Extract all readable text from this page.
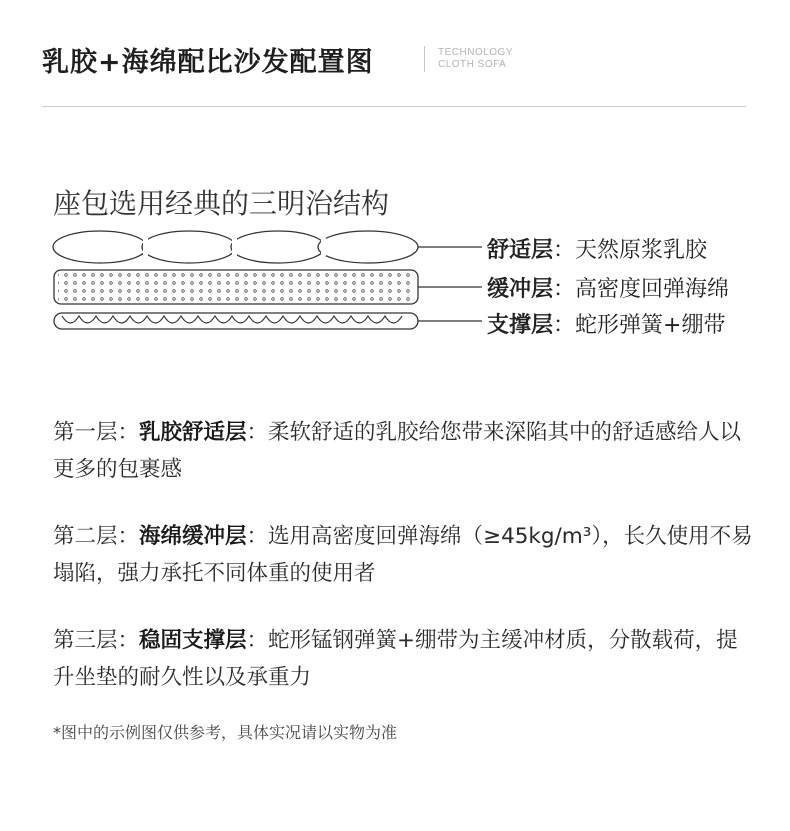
乳胶+海绵配比沙发配置图	TECHNOLOGY
CLOTH SOFA
座包选用经典的三明治结构
舒适层：天然原浆乳胶
缓冲层：高密度回弹海绵
支撑层：蛇形弹簧+绷带
第一层：乳胶舒适层：柔软舒适的乳胶给您带来深陷其中的舒适感给人以更多的包裹感
第二层：海绵缓冲层：选用高密度回弹海绵（≥45kg/m³），长久使用不易塌陷，强力承托不同体重的使用者
第三层：稳固支撑层：蛇形锰钢弹簧+绷带为主缓冲材质，分散载荷，提升坐垫的耐久性以及承重力
*图中的示例图仅供参考，具体实况请以实物为准
